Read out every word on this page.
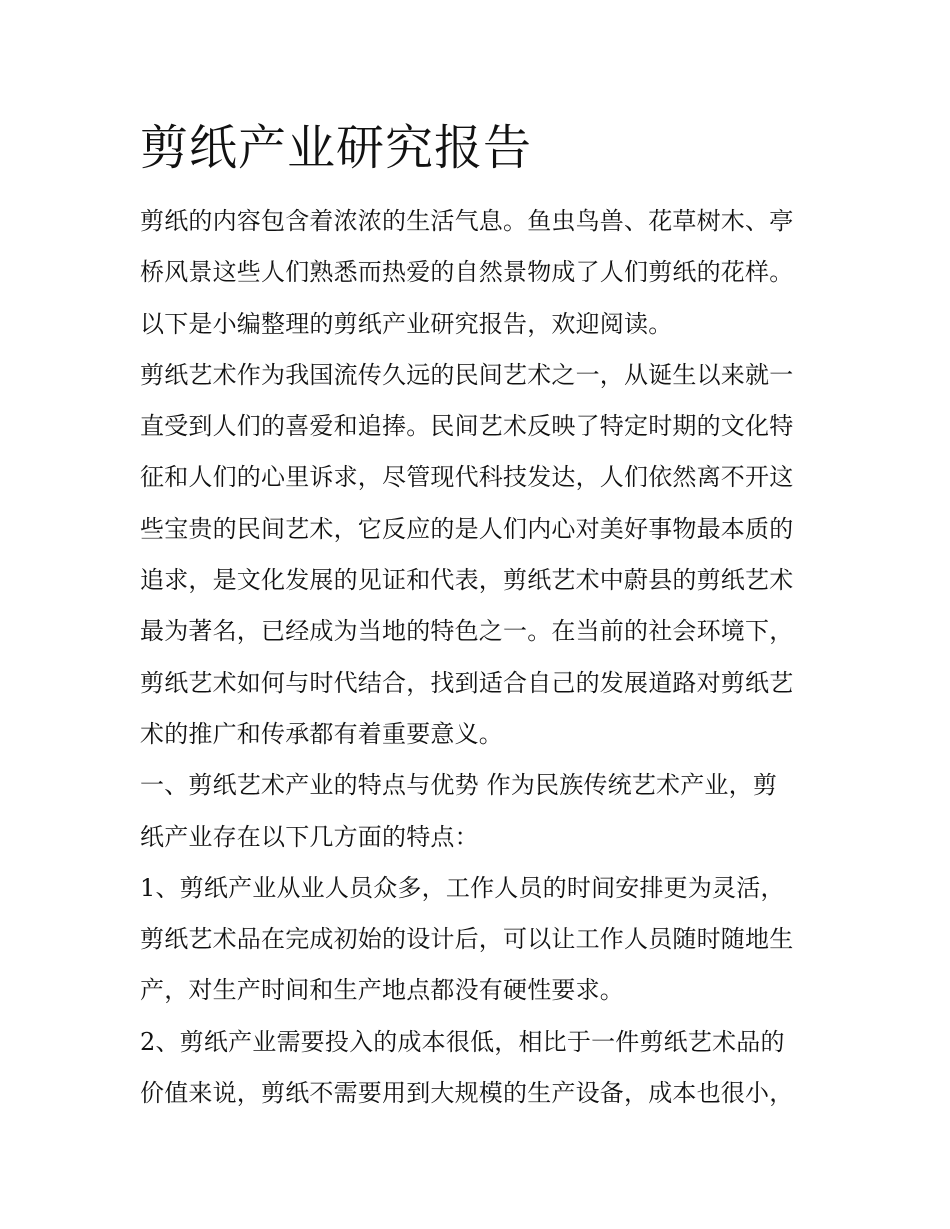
剪纸产业研究报告
剪纸的内容包含着浓浓的生活气息。鱼虫鸟兽、花草树木、亭
桥风景这些人们熟悉而热爱的自然景物成了人们剪纸的花样。
以下是小编整理的剪纸产业研究报告，欢迎阅读。
剪纸艺术作为我国流传久远的民间艺术之一，从诞生以来就一
直受到人们的喜爱和追捧。民间艺术反映了特定时期的文化特
征和人们的心里诉求，尽管现代科技发达，人们依然离不开这
些宝贵的民间艺术，它反应的是人们内心对美好事物最本质的
追求，是文化发展的见证和代表，剪纸艺术中蔚县的剪纸艺术
最为著名，已经成为当地的特色之一。在当前的社会环境下，
剪纸艺术如何与时代结合，找到适合自己的发展道路对剪纸艺
术的推广和传承都有着重要意义。
一、剪纸艺术产业的特点与优势 作为民族传统艺术产业，剪
纸产业存在以下几方面的特点：
1、剪纸产业从业人员众多，工作人员的时间安排更为灵活，
剪纸艺术品在完成初始的设计后，可以让工作人员随时随地生
产，对生产时间和生产地点都没有硬性要求。
2、剪纸产业需要投入的成本很低，相比于一件剪纸艺术品的
价值来说，剪纸不需要用到大规模的生产设备，成本也很小，
